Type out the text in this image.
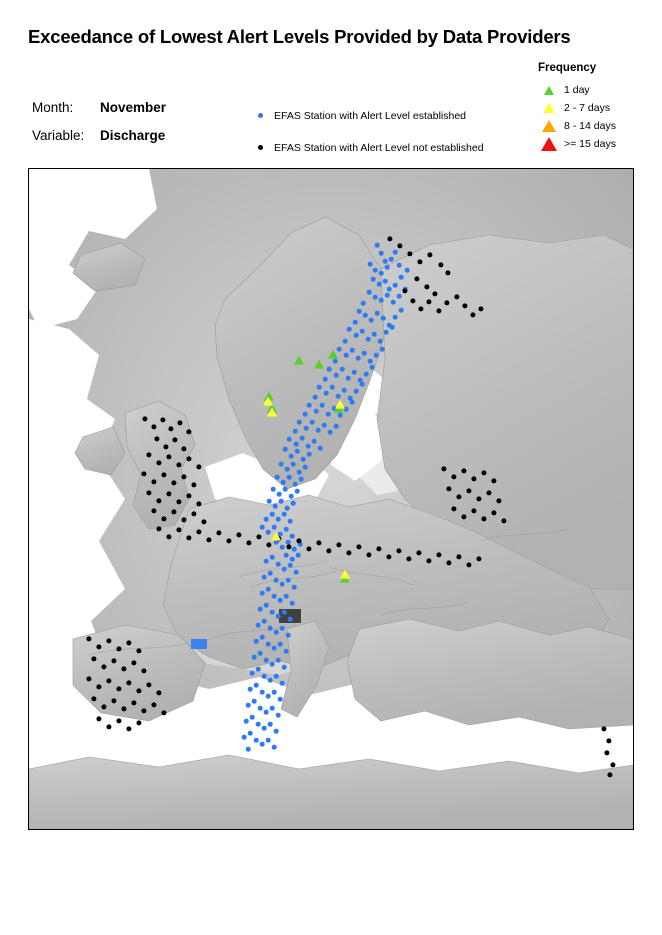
Exceedance of Lowest Alert Levels Provided by Data Providers
Month:	November
Variable:	Discharge
EFAS Station with Alert Level established
EFAS Station with Alert Level not established
Frequency
1 day
2 - 7 days
8 - 14 days
>= 15 days
